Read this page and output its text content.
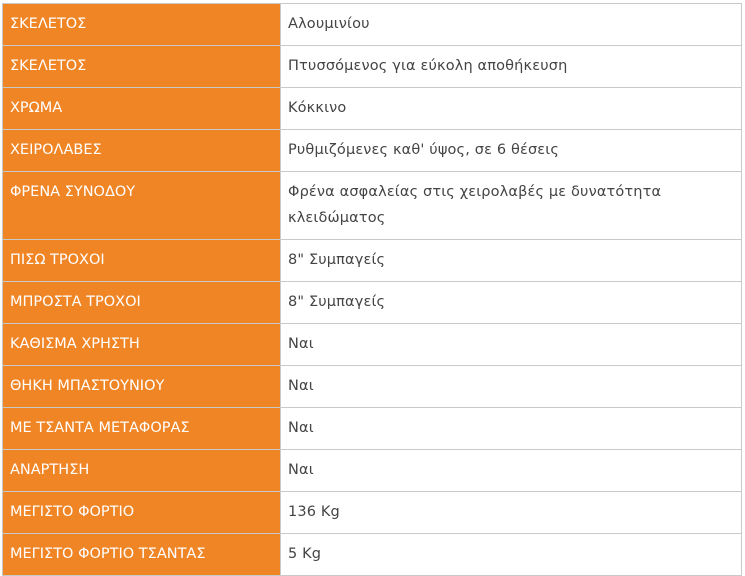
ΣΚΕΛΕΤΟΣ	Αλουμινίου
ΣΚΕΛΕΤΟΣ	Πτυσσόμενος για εύκολη αποθήκευση
ΧΡΩΜΑ	Κόκκινο
ΧΕΙΡΟΛΑΒΕΣ	Ρυθμιζόμενες καθ' ύψος, σε 6 θέσεις
ΦΡΕΝΑ ΣΥΝΟΔΟΥ	Φρένα ασφαλείας στις χειρολαβές με δυνατότητα κλειδώματος
ΠΙΣΩ ΤΡΟΧΟΙ	8" Συμπαγείς
ΜΠΡΟΣΤΑ ΤΡΟΧΟΙ	8" Συμπαγείς
ΚΑΘΙΣΜΑ ΧΡΗΣΤΗ	Ναι
ΘΗΚΗ ΜΠΑΣΤΟΥΝΙΟΥ	Ναι
ΜΕ ΤΣΑΝΤΑ ΜΕΤΑΦΟΡΑΣ	Ναι
ΑΝΑΡΤΗΣΗ	Ναι
ΜΕΓΙΣΤΟ ΦΟΡΤΙΟ	136 Kg
ΜΕΓΙΣΤΟ ΦΟΡΤΙΟ ΤΣΑΝΤΑΣ	5 Kg
